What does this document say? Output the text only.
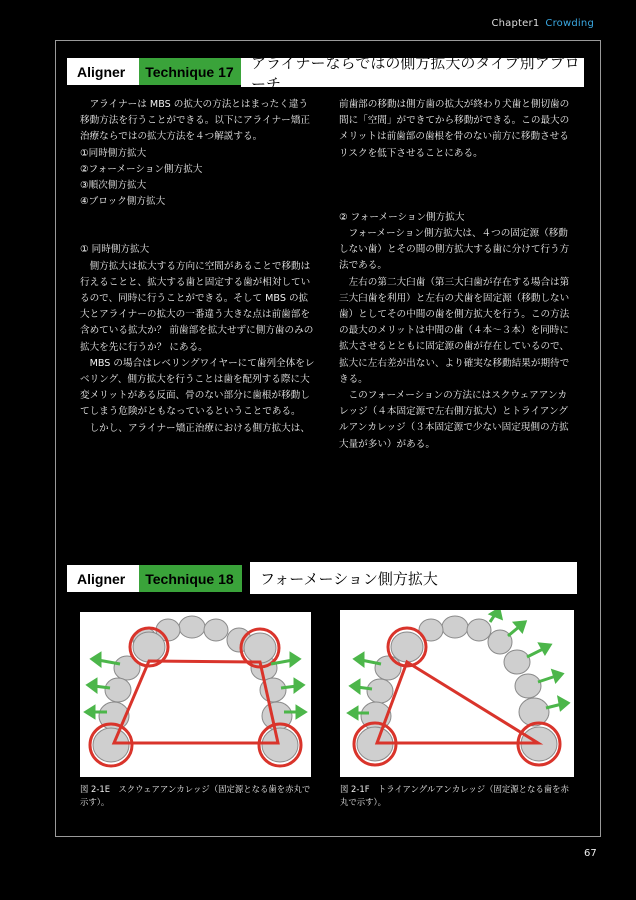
Chapter1 Crowding
Aligner	Technique 17	アライナーならではの側方拡大のタイプ別アプローチ

アライナーは MBS の拡大の方法とはまったく違う移動方法を行うことができる。以下にアライナー矯正治療ならではの拡大方法を４つ解説する。

①同時側方拡大

②フォーメーション側方拡大

③順次側方拡大

④ブロック側方拡大

① 同時側方拡大

側方拡大は拡大する方向に空間があることで移動は行えることと、拡大する歯と固定する歯が相対しているので、同時に行うことができる。そして MBS の拡大とアライナーの拡大の一番違う大きな点は前歯部を含めている拡大か？ 前歯部を拡大せずに側方歯のみの拡大を先に行うか？ にある。

MBS の場合はレベリングワイヤーにて歯列全体をレベリング、側方拡大を行うことは歯を配列する際に大変メリットがある反面、骨のない部分に歯根が移動してしまう危険がともなっているということである。

しかし、アライナー矯正治療における側方拡大は、

前歯部の移動は側方歯の拡大が終わり犬歯と側切歯の間に「空間」ができてから移動ができる。この最大のメリットは前歯部の歯根を骨のない前方に移動させるリスクを低下させることにある。

② フォーメーション側方拡大

フォーメーション側方拡大は、４つの固定源（移動しない歯）とその間の側方拡大する歯に分けて行う方法である。

左右の第二大臼歯（第三大臼歯が存在する場合は第三大臼歯を利用）と左右の犬歯を固定源（移動しない歯）としてその中間の歯を側方拡大を行う。この方法の最大のメリットは中間の歯（４本～３本）を同時に拡大させるとともに固定源の歯が存在しているので、拡大に左右差が出ない、より確実な移動結果が期待できる。

このフォーメーションの方法にはスクウェアアンカレッジ（４本固定源で左右側方拡大）とトライアングルアンカレッジ（３本固定源で少ない固定現側の方拡大量が多い）がある。

Aligner	Technique 18	フォーメーション側方拡大
図 2-1E　スクウェアアンカレッジ（固定源となる歯を赤丸で示す）。
図 2-1F　トライアングルアンカレッジ（固定源となる歯を赤丸で示す）。
67
